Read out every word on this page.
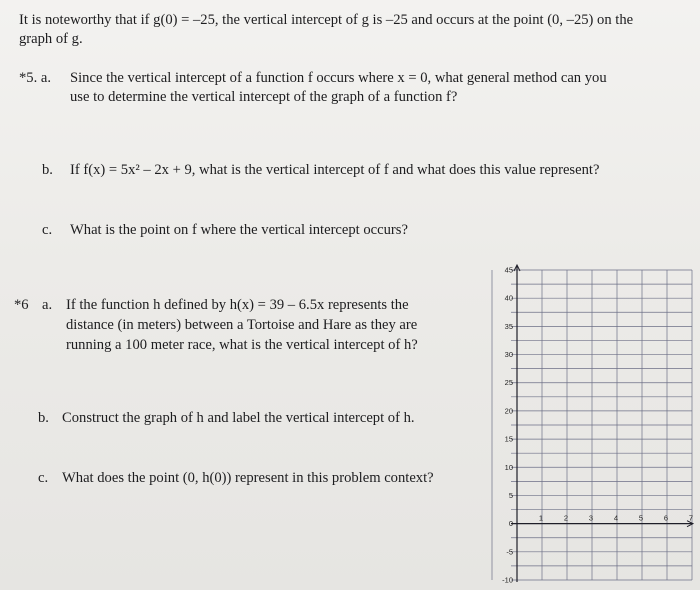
It is noteworthy that if g(0) = –25, the vertical intercept of g is –25 and occurs at the point (0, –25) on the
graph of g.
*5. a. Since the vertical intercept of a function f occurs where x = 0, what general method can you
use to determine the vertical intercept of the graph of a function f?
b. If f(x) = 5x² – 2x + 9, what is the vertical intercept of f and what does this value represent?
c. What is the point on f where the vertical intercept occurs?
*6 a. If the function h defined by h(x) = 39 – 6.5x represents the
distance (in meters) between a Tortoise and Hare as they are
running a 100 meter race, what is the vertical intercept of h?
b. Construct the graph of h and label the vertical intercept of h.
c. What does the point (0, h(0)) represent in this problem context?
45
40
35
30
25
20
15
10
5
0
-5
-10
1	2	3	4	5	6	7
